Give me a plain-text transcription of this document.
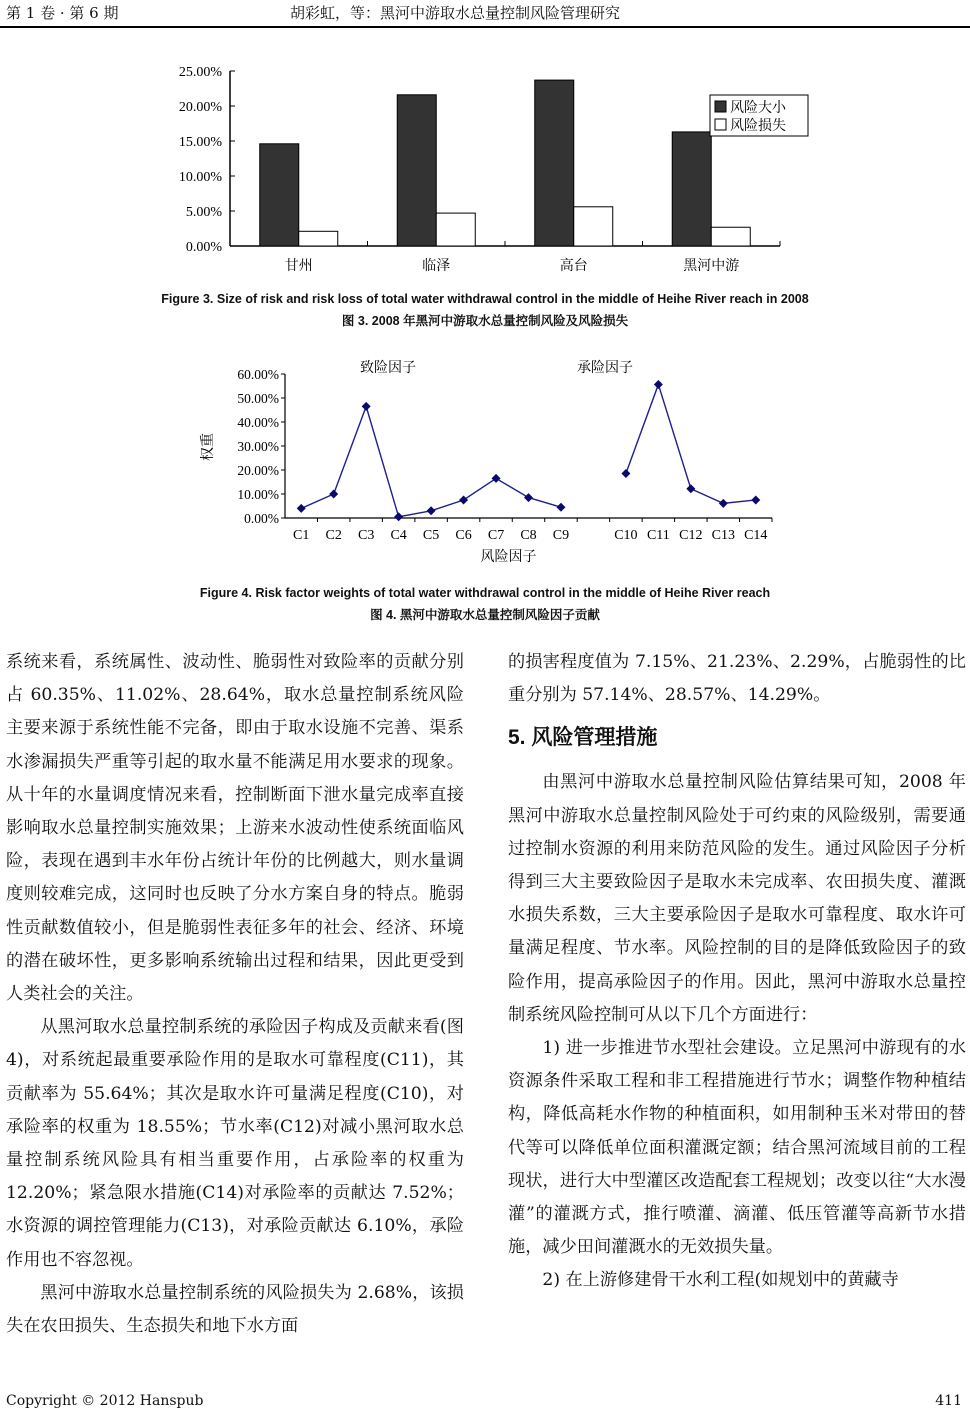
第 1 卷 · 第 6 期	胡彩虹，等：黑河中游取水总量控制风险管理研究
0.00%
5.00%
10.00%
15.00%
20.00%
25.00%
甘州	临泽	高台	黑河中游
风险大小
风险损失
Figure 3. Size of risk and risk loss of total water withdrawal control in the middle of Heihe River reach in 2008
图 3. 2008 年黑河中游取水总量控制风险及风险损失
0.00%
10.00%
20.00%
30.00%
40.00%
50.00%
60.00%
权重
C1 C2 C3 C4 C5 C6 C7 C8 C9	C10 C11 C12 C13 C14
风险因子
致险因子	承险因子
Figure 4. Risk factor weights of total water withdrawal control in the middle of Heihe River reach
图 4. 黑河中游取水总量控制风险因子贡献

系统来看，系统属性、波动性、脆弱性对致险率的贡献分别占 60.35%、11.02%、28.64%，取水总量控制系统风险主要来源于系统性能不完备，即由于取水设施不完善、渠系水渗漏损失严重等引起的取水量不能满足用水要求的现象。从十年的水量调度情况来看，控制断面下泄水量完成率直接影响取水总量控制实施效果；上游来水波动性使系统面临风险，表现在遇到丰水年份占统计年份的比例越大，则水量调度则较难完成，这同时也反映了分水方案自身的特点。脆弱性贡献数值较小，但是脆弱性表征多年的社会、经济、环境的潜在破坏性，更多影响系统输出过程和结果，因此更受到人类社会的关注。

从黑河取水总量控制系统的承险因子构成及贡献来看(图 4)，对系统起最重要承险作用的是取水可靠程度(C11)，其贡献率为 55.64%；其次是取水许可量满足程度(C10)，对承险率的权重为 18.55%；节水率(C12)对减小黑河取水总量控制系统风险具有相当重要作用，占承险率的权重为 12.20%；紧急限水措施(C14)对承险率的贡献达 7.52%；水资源的调控管理能力(C13)，对承险贡献达 6.10%，承险作用也不容忽视。

黑河中游取水总量控制系统的风险损失为 2.68%，该损失在农田损失、生态损失和地下水方面

的损害程度值为 7.15%、21.23%、2.29%，占脆弱性的比重分别为 57.14%、28.57%、14.29%。

5. 风险管理措施

由黑河中游取水总量控制风险估算结果可知，2008 年黑河中游取水总量控制风险处于可约束的风险级别，需要通过控制水资源的利用来防范风险的发生。通过风险因子分析得到三大主要致险因子是取水未完成率、农田损失度、灌溉水损失系数，三大主要承险因子是取水可靠程度、取水许可量满足程度、节水率。风险控制的目的是降低致险因子的致险作用，提高承险因子的作用。因此，黑河中游取水总量控制系统风险控制可从以下几个方面进行：

1) 进一步推进节水型社会建设。立足黑河中游现有的水资源条件采取工程和非工程措施进行节水；调整作物种植结构，降低高耗水作物的种植面积，如用制种玉米对带田的替代等可以降低单位面积灌溉定额；结合黑河流域目前的工程现状，进行大中型灌区改造配套工程规划；改变以往“大水漫灌”的灌溉方式，推行喷灌、滴灌、低压管灌等高新节水措施，减少田间灌溉水的无效损失量。

2) 在上游修建骨干水利工程(如规划中的黄藏寺

Copyright © 2012 Hanspub	411
